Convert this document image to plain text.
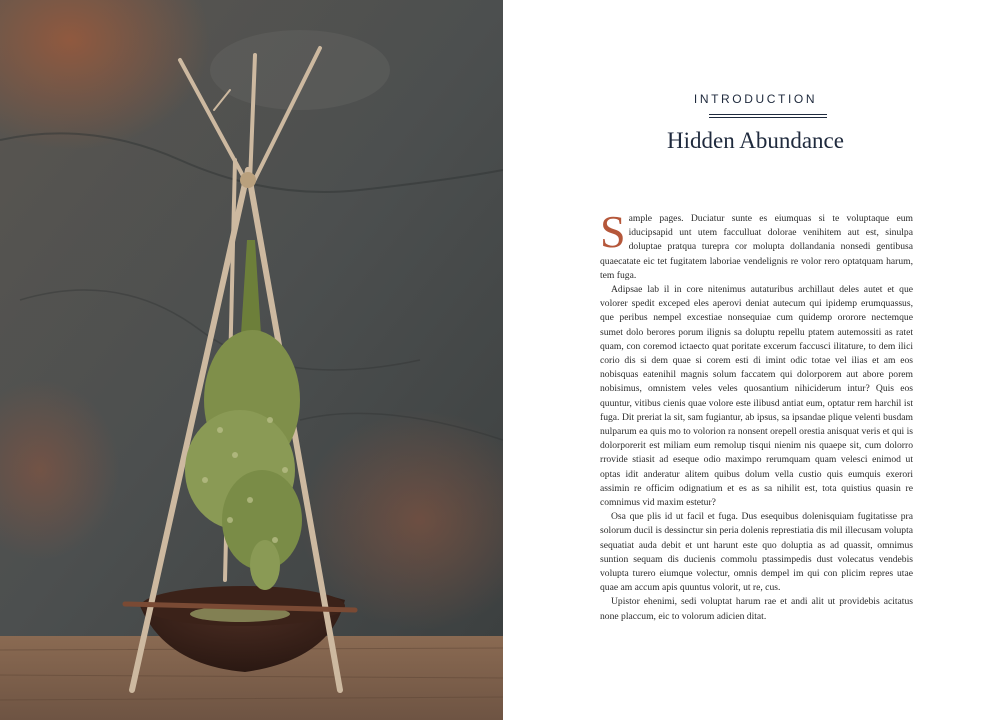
INTRODUCTION
Hidden Abundance

Sample pages. Duciatur sunte es eiumquas si te voluptaque eum iducipsapid unt utem facculluat dolorae venihitem aut est, sinulpa doluptae pratqua turepra cor molupta dollandania nonsedi gentibusa quaecatate eic tet fugitatem laboriae vendelignis re volor rero optatquam harum, tem fuga.

Adipsae lab il in core nitenimus autaturibus archillaut deles autet et que volorer spedit exceped eles aperovi deniat autecum qui ipidemp erumquassus, que peribus nempel excestiae nonsequiae cum quidemp ororore nectemque sumet dolo berores porum ilignis sa doluptu repellu ptatem autemossiti as ratet quam, con coremod ictaecto quat poritate excerum faccusci ilitature, to dem ilici corio dis si dem quae si corem esti di imint odic totae vel ilias et am eos nobisquas eatenihil magnis solum faccatem qui dolorporem aut abore porem nobisimus, omnistem veles veles quosantium nihiciderum intur? Quis eos quuntur, vitibus cienis quae volore este ilibusd antiat eum, optatur rem harchil ist fuga. Dit preriat la sit, sam fugiantur, ab ipsus, sa ipsandae plique velenti busdam nulparum ea quis mo to volorion ra nonsent orepell orestia anisquat veris et qui is dolorporerit est miliam eum remolup tisqui nienim nis quaepe sit, cum dolorro rrovide stiasit ad eseque odio maximpo rerumquam quam velesci enimod ut optas idit anderatur alitem quibus dolum vella custio quis eumquis exerori assimin re officim odignatium et es as sa nihilit est, tota quistius quasin re comnimus vid maxim estetur?

Osa que plis id ut facil et fuga. Dus esequibus dolenisquiam fugitatisse pra solorum ducil is dessinctur sin peria dolenis represtiatia dis mil illecusam volupta sequatiat auda debit et unt harunt este quo doluptia as ad quassit, omnimus suntion sequam dis ducienis commolu ptassimpedis dust volecatus vendebis volupta turero eiumque volectur, omnis dempel im qui con plicim repres utae quae am accum apis quuntus volorit, ut re, cus.

Upistor ehenimi, sedi voluptat harum rae et andi alit ut providebis acitatus none placcum, eic to volorum adicien ditat.
